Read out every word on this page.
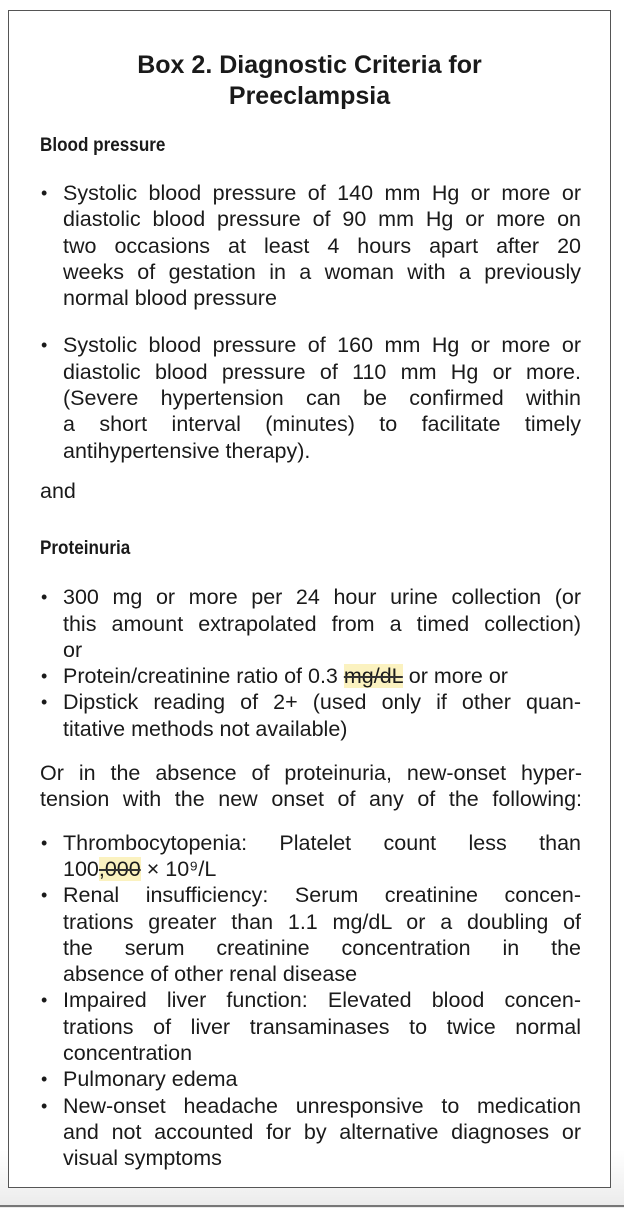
Box 2. Diagnostic Criteria for
Preeclampsia
Blood pressure
• Systolic blood pressure of 140 mm Hg or more or
diastolic blood pressure of 90 mm Hg or more on
two occasions at least 4 hours apart after 20
weeks of gestation in a woman with a previously
normal blood pressure
• Systolic blood pressure of 160 mm Hg or more or
diastolic blood pressure of 110 mm Hg or more.
(Severe hypertension can be confirmed within
a short interval (minutes) to facilitate timely
antihypertensive therapy).
and
Proteinuria
• 300 mg or more per 24 hour urine collection (or
this amount extrapolated from a timed collection)
or
• Protein/creatinine ratio of 0.3 mg/dL or more or
• Dipstick reading of 2+ (used only if other quan-
titative methods not available)
Or in the absence of proteinuria, new-onset hyper-
tension with the new onset of any of the following:
• Thrombocytopenia: Platelet count less than
100,000 × 10⁹/L
• Renal insufficiency: Serum creatinine concen-
trations greater than 1.1 mg/dL or a doubling of
the serum creatinine concentration in the
absence of other renal disease
• Impaired liver function: Elevated blood concen-
trations of liver transaminases to twice normal
concentration
• Pulmonary edema
• New-onset headache unresponsive to medication
and not accounted for by alternative diagnoses or
visual symptoms
